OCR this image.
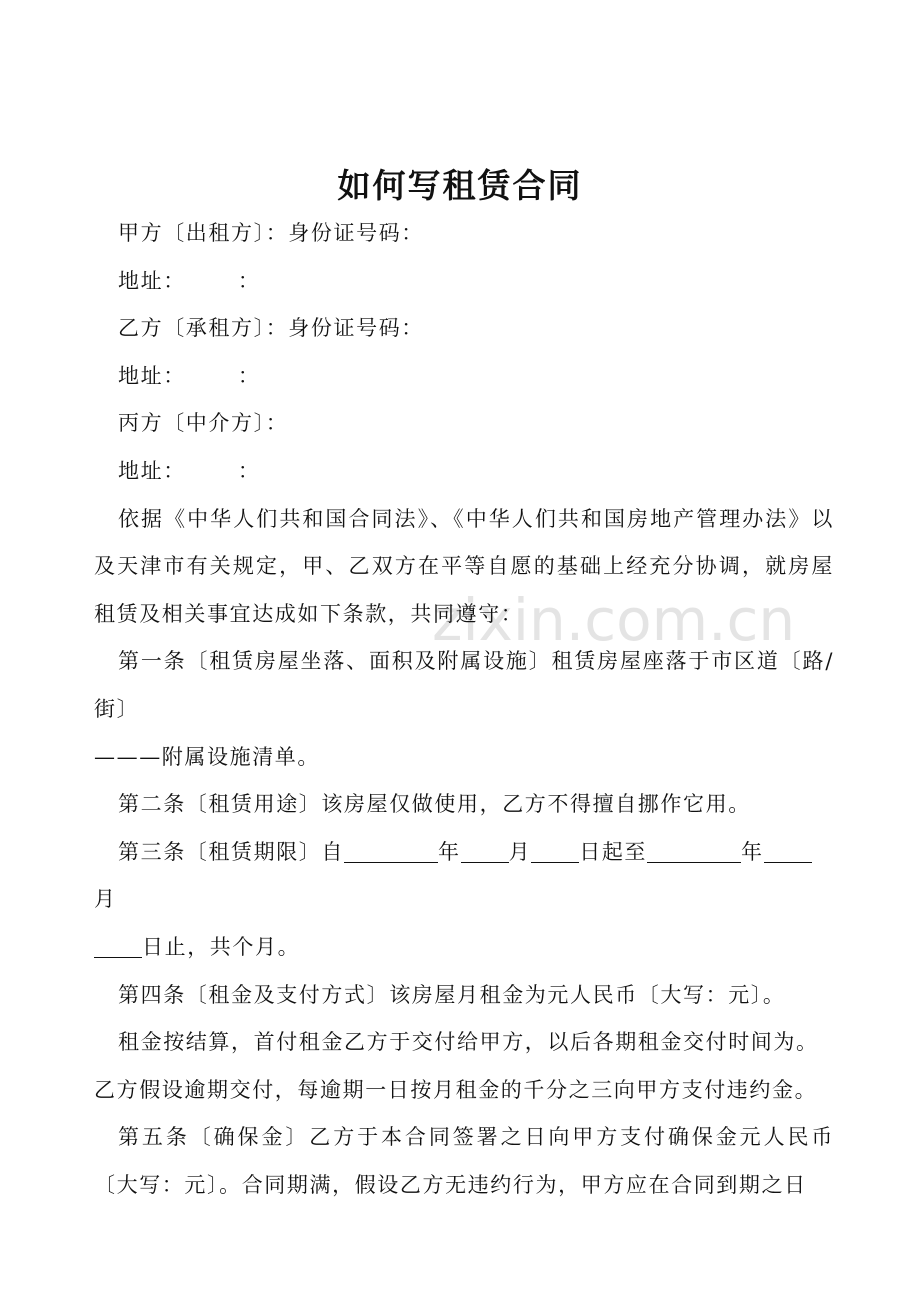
zixin.com.cn
如何写租赁合同

甲方〔出租方〕：身份证号码：

地址： ：

乙方〔承租方〕：身份证号码：

地址： ：

丙方〔中介方〕：

地址： ：

依据《中华人们共和国合同法》、《中华人们共和国房地产管理办法》以及天津市有关规定，甲、乙双方在平等自愿的基础上经充分协调，就房屋租赁及相关事宜达成如下条款，共同遵守：

第一条〔租赁房屋坐落、面积及附属设施〕租赁房屋座落于市区道〔路/街〕

———附属设施清单。

第二条〔租赁用途〕该房屋仅做使用，乙方不得擅自挪作它用。

第三条〔租赁期限〕自	年 月 日起至	年月
日止，共个月。

第四条〔租金及支付方式〕该房屋月租金为元人民币〔大写：元〕。

租金按结算，首付租金乙方于交付给甲方，以后各期租金交付时间为。

乙方假设逾期交付，每逾期一日按月租金的千分之三向甲方支付违约金。

第五条〔确保金〕乙方于本合同签署之日向甲方支付确保金元人民币〔大写：元〕。合同期满，假设乙方无违约行为，甲方应在合同到期之日
